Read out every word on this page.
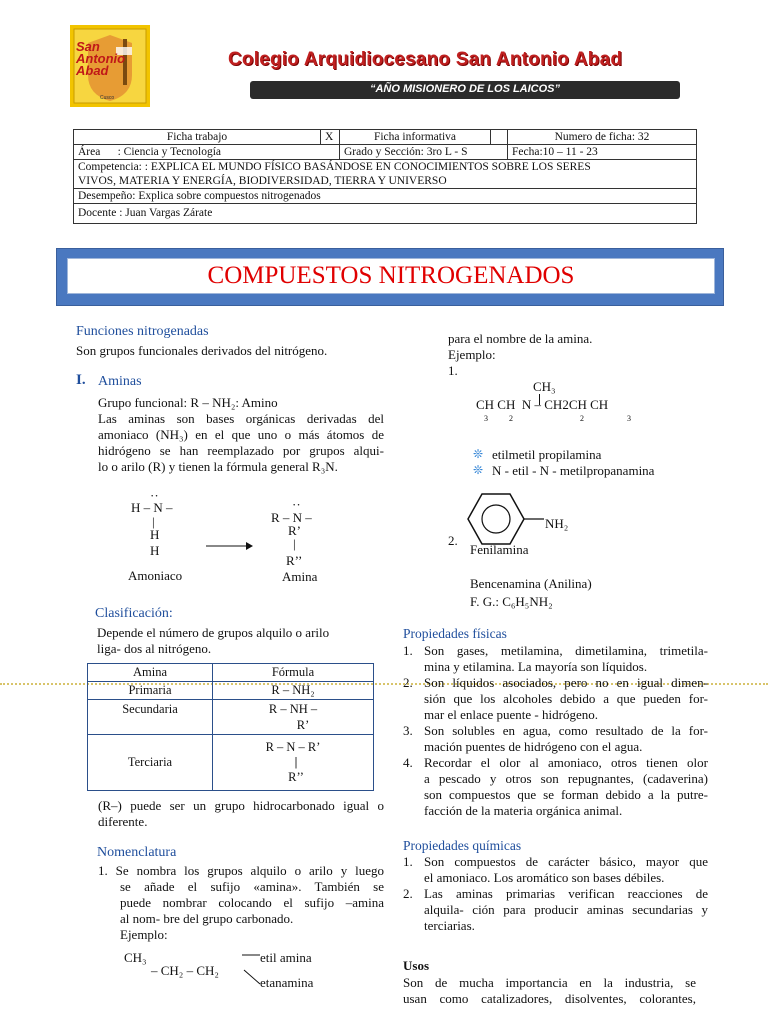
San
Antonio
Abad
Cusco
Colegio Arquidiocesano San Antonio Abad
“AÑO MISIONERO DE LOS LAICOS”
Ficha trabajo	X	Ficha informativa		Numero de ficha: 32
Área : Ciencia y Tecnología		Grado y Sección: 3ro L - S		Fecha:10 – 11 - 23

Competencia: : EXPLICA EL MUNDO FÍSICO BASÁNDOSE EN CONOCIMIENTOS SOBRE LOS SERES
VIVOS, MATERIA Y ENERGÍA, BIODIVERSIDAD, TIERRA Y UNIVERSO				

Desempeño: Explica sobre compuestos nitrogenados				
Docente : Juan Vargas Zárate				
COMPUESTOS NITROGENADOS
Funciones nitrogenadas
Son grupos funcionales derivados del nitrógeno.
I. Aminas
Grupo funcional: R – NH₂: Amino
Las aminas son bases orgánicas derivadas del
amoniaco (NH₃) en el que uno o más átomos de
hidrógeno se han reemplazado por grupos alqui-
lo o arilo (R) y tienen la fórmula general R₃N.
··
H – N –
|
H
H
Amoniaco
··
R – N –
R’
|
R’’
Amina
Clasificación:
Depende el número de grupos alquilo o arilo
liga- dos al nitrógeno.
Amina	Fórmula
Primaria	R – NH₂
Secundaria	R – NH –
R’

Terciaria	R – N – R’
|
R’’
(R–) puede ser un grupo hidrocarbonado igual o
diferente.
Nomenclatura
1. Se nombra los grupos alquilo o arilo y luego
se añade el sufijo «amina». También se
puede nombrar colocando el sufijo –amina
al nom- bre del grupo carbonado.
Ejemplo:
CH₃
– CH₂ – CH₂
etil amina
etanamina
para el nombre de la amina.
Ejemplo:
1.
CH₃
CH CH  N – CH2CH CH
3	2	2	3
❊ etilmetil propilamina
❊ N - etil - N - metilpropanamina
NH₂
2.
Fenilamina
Bencenamina (Anilina)
F. G.: C₆H₅NH₂
Propiedades físicas
1. Son gases, metilamina, dimetilamina, trimetila-
mina y etilamina. La mayoría son líquidos.
2. Son líquidos asociados, pero no en igual dimen-
sión que los alcoholes debido a que pueden for-
mar el enlace puente - hidrógeno.
3. Son solubles en agua, como resultado de la for-
mación puentes de hidrógeno con el agua.
4. Recordar el olor al amoniaco, otros tienen olor
a pescado y otros son repugnantes, (cadaverina)
son compuestos que se forman debido a la putre-
facción de la materia orgánica animal.
Propiedades químicas
1. Son compuestos de carácter básico, mayor que
el amoniaco. Los aromático son bases débiles.
2. Las aminas primarias verifican reacciones de
alquila- ción para producir aminas secundarias y
terciarias.
Usos
Son de mucha importancia en la industria, se
usan como catalizadores, disolventes, colorantes,
